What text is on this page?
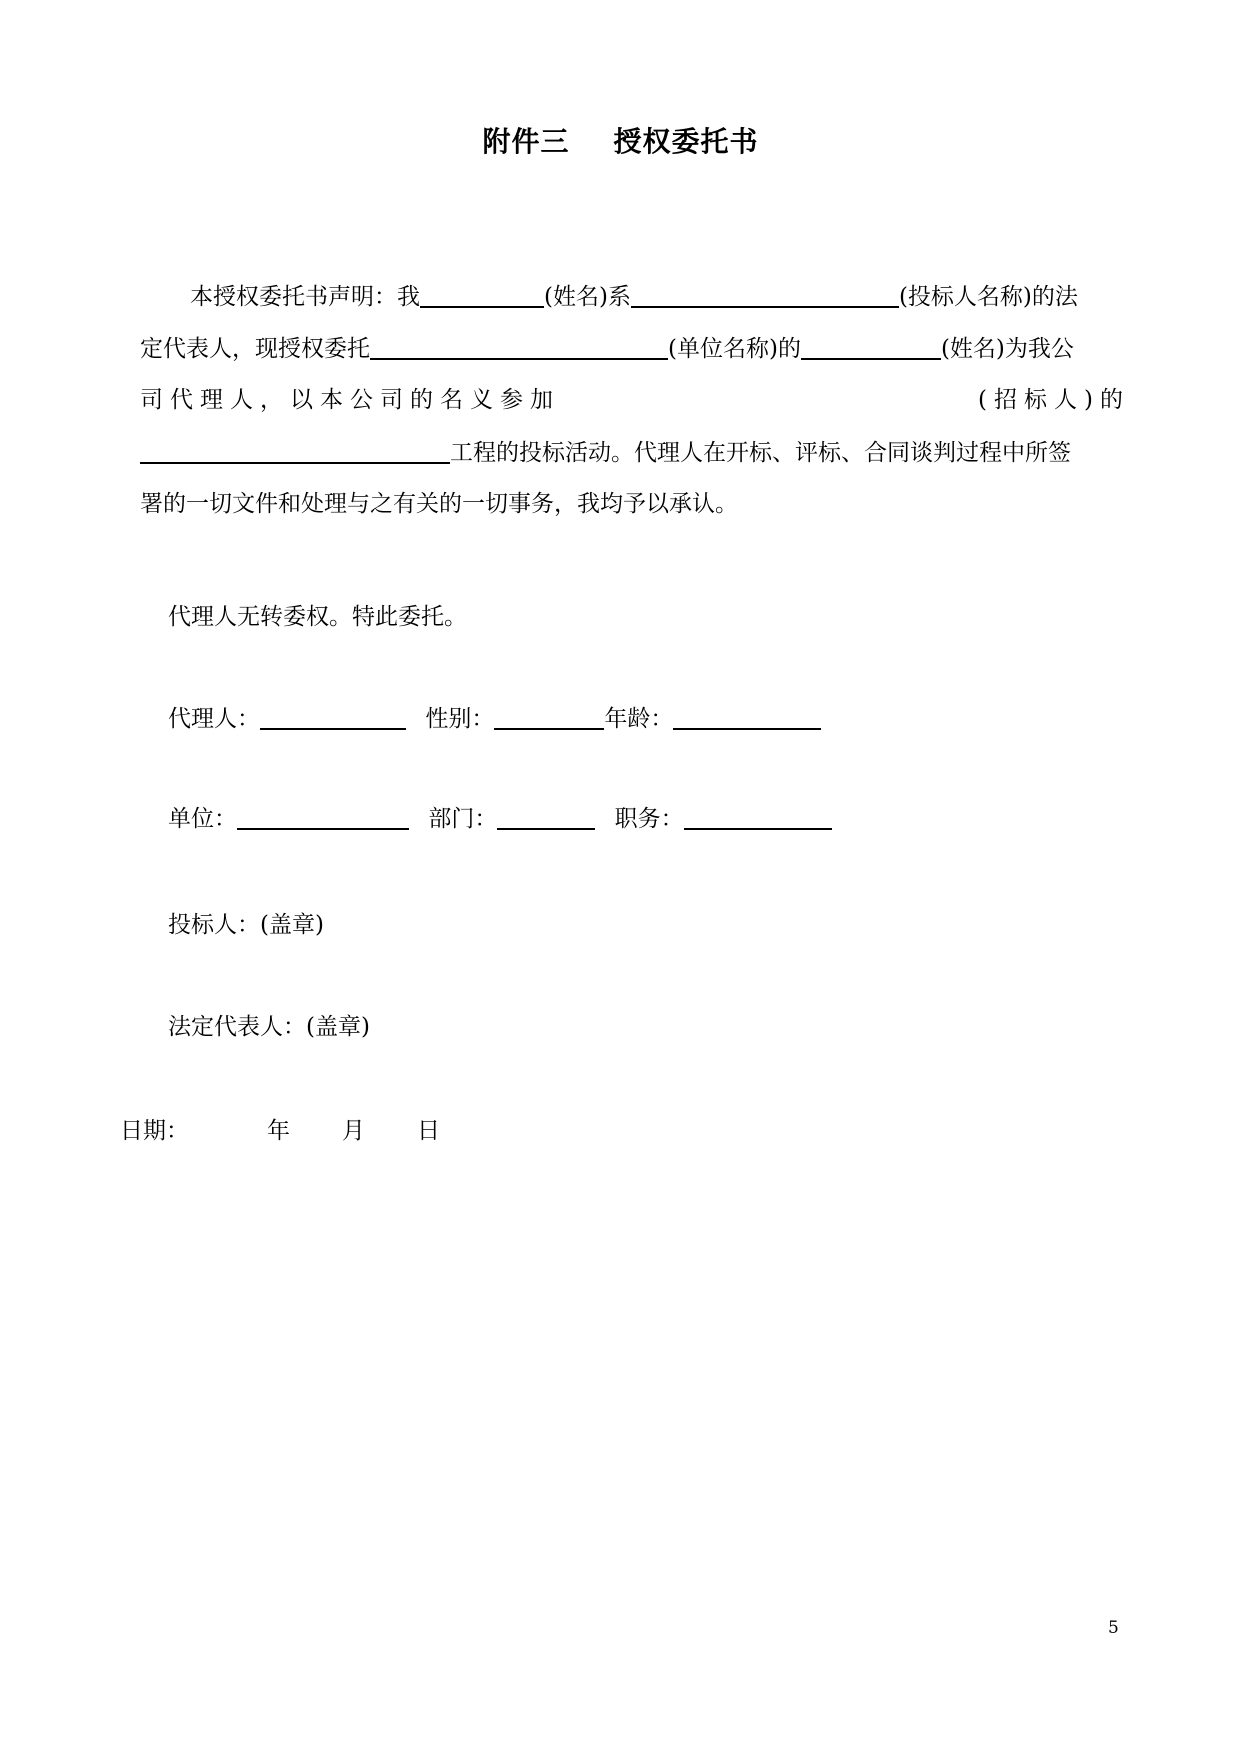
附件三 授权委托书
本授权委托书声明：我	(姓名)系	(投标人名称)的法
定代表人，现授权委托	(单位名称)的	(姓名)为我公
司代理人，以本公司的名义参加	(招标人)的
工程的投标活动。代理人在开标、评标、合同谈判过程中所签
署的一切文件和处理与之有关的一切事务，我均予以承认。
代理人无转委权。特此委托。
代理人：	性别：	年龄：
单位：	部门：	职务：
投标人：(盖章)
法定代表人：(盖章)
日期：	年 月 日
5
